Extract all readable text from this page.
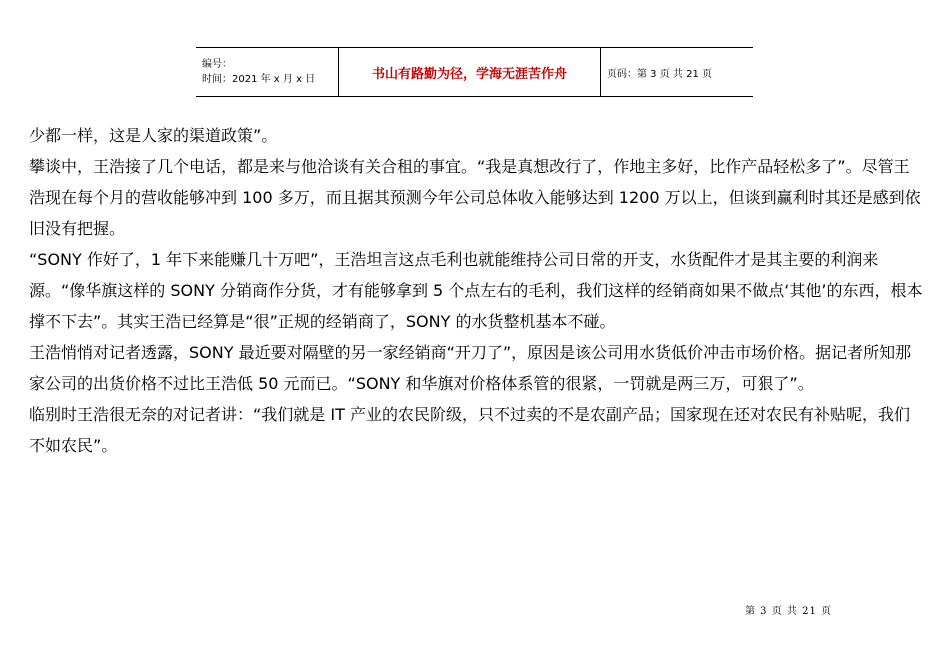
编号：
时间：2021 年 x 月 x 日	书山有路勤为径，学海无涯苦作舟	页码：第 3 页 共 21 页

少都一样，这是人家的渠道政策”。

攀谈中，王浩接了几个电话，都是来与他洽谈有关合租的事宜。“我是真想改行了，作地主多好，比作产品轻松多了”。尽管王浩现在每个月的营收能够冲到 100 多万，而且据其预测今年公司总体收入能够达到 1200 万以上，但谈到赢利时其还是感到依旧没有把握。

“SONY 作好了，1 年下来能赚几十万吧”，王浩坦言这点毛利也就能维持公司日常的开支，水货配件才是其主要的利润来源。“像华旗这样的 SONY 分销商作分货，才有能够拿到 5 个点左右的毛利，我们这样的经销商如果不做点‘其他’的东西，根本撑不下去”。其实王浩已经算是“很”正规的经销商了，SONY 的水货整机基本不碰。

王浩悄悄对记者透露，SONY 最近要对隔壁的另一家经销商“开刀了”，原因是该公司用水货低价冲击市场价格。据记者所知那家公司的出货价格不过比王浩低 50 元而已。“SONY 和华旗对价格体系管的很紧，一罚就是两三万，可狠了”。

临别时王浩很无奈的对记者讲：“我们就是 IT 产业的农民阶级，只不过卖的不是农副产品；国家现在还对农民有补贴呢，我们不如农民”。

第 3 页 共 21 页
